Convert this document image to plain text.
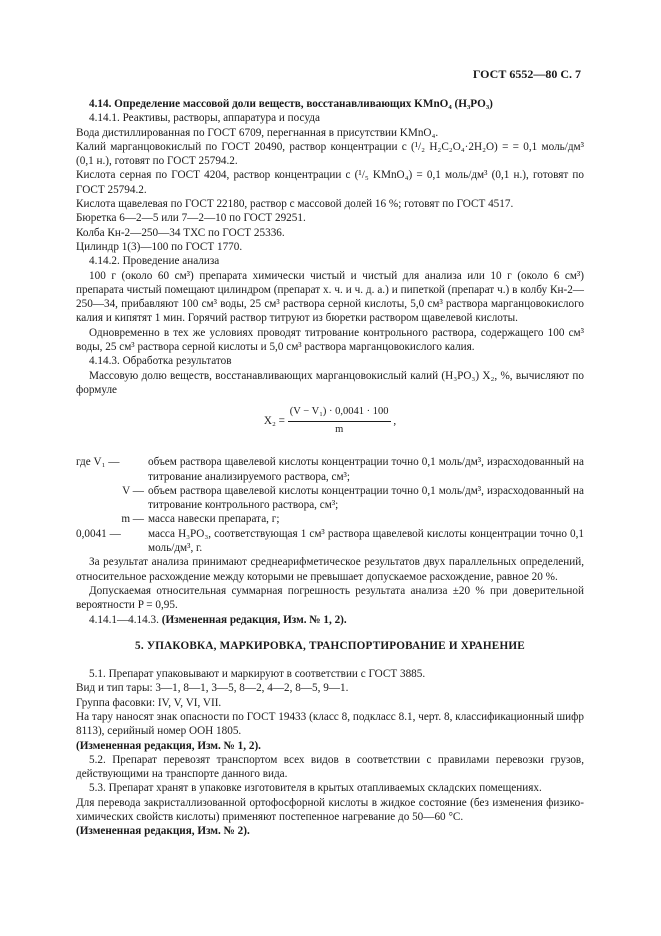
ГОСТ 6552—80 С. 7

4.14. Определение массовой доли веществ, восстанавливающих KMnO₄ (H₃PO₃)

4.14.1. Реактивы, растворы, аппаратура и посуда

Вода дистиллированная по ГОСТ 6709, перегнанная в присутствии KMnO₄.

Калий марганцовокислый по ГОСТ 20490, раствор концентрации c (¹/₂ H₂C₂O₄·2H₂O) = = 0,1 моль/дм³ (0,1 н.), готовят по ГОСТ 25794.2.

Кислота серная по ГОСТ 4204, раствор концентрации c (¹/₅ KMnO₄) = 0,1 моль/дм³ (0,1 н.), готовят по ГОСТ 25794.2.

Кислота щавелевая по ГОСТ 22180, раствор с массовой долей 16 %; готовят по ГОСТ 4517.

Бюретка 6—2—5 или 7—2—10 по ГОСТ 29251.

Колба Кн-2—250—34 ТХС по ГОСТ 25336.

Цилиндр 1(3)—100 по ГОСТ 1770.

4.14.2. Проведение анализа

100 г (около 60 см³) препарата химически чистый и чистый для анализа или 10 г (около 6 см³) препарата чистый помещают цилиндром (препарат х. ч. и ч. д. а.) и пипеткой (препарат ч.) в колбу Кн-2—250—34, прибавляют 100 см³ воды, 25 см³ раствора серной кислоты, 5,0 см³ раствора марганцовокислого калия и кипятят 1 мин. Горячий раствор титруют из бюретки раствором щавелевой кислоты.

Одновременно в тех же условиях проводят титрование контрольного раствора, содержащего 100 см³ воды, 25 см³ раствора серной кислоты и 5,0 см³ раствора марганцовокислого калия.

4.14.3. Обработка результатов

Массовую долю веществ, восстанавливающих марганцовокислый калий (H₃PO₃) X₂, %, вычисляют по формуле

$X_2 = \frac{\text{(V − V₁) · 0,0041 · 100}}{m}$ ,
где V₁ —	объем раствора щавелевой кислоты концентрации точно 0,1 моль/дм³, израсходованный на титрование анализируемого раствора, см³;
V — объем раствора щавелевой кислоты концентрации точно 0,1 моль/дм³, израсходованный на титрование контрольного раствора, см³;
m — масса навески препарата, г;
0,0041 —	масса H₃PO₃, соответствующая 1 см³ раствора щавелевой кислоты концентрации точно 0,1 моль/дм³, г.

За результат анализа принимают среднеарифметическое результатов двух параллельных определений, относительное расхождение между которыми не превышает допускаемое расхождение, равное 20 %.

Допускаемая относительная суммарная погрешность результата анализа ±20 % при доверительной вероятности P = 0,95.

4.14.1—4.14.3. (Измененная редакция, Изм. № 1, 2).

5. УПАКОВКА, МАРКИРОВКА, ТРАНСПОРТИРОВАНИЕ И ХРАНЕНИЕ

5.1. Препарат упаковывают и маркируют в соответствии с ГОСТ 3885.

Вид и тип тары: 3—1, 8—1, 3—5, 8—2, 4—2, 8—5, 9—1.

Группа фасовки: IV, V, VI, VII.

На тару наносят знак опасности по ГОСТ 19433 (класс 8, подкласс 8.1, черт. 8, классификационный шифр 8113), серийный номер ООН 1805.

(Измененная редакция, Изм. № 1, 2).

5.2. Препарат перевозят транспортом всех видов в соответствии с правилами перевозки грузов, действующими на транспорте данного вида.

5.3. Препарат хранят в упаковке изготовителя в крытых отапливаемых складских помещениях.

Для перевода закристаллизованной ортофосфорной кислоты в жидкое состояние (без изменения физико-химических свойств кислоты) применяют постепенное нагревание до 50—60 °С.

(Измененная редакция, Изм. № 2).
